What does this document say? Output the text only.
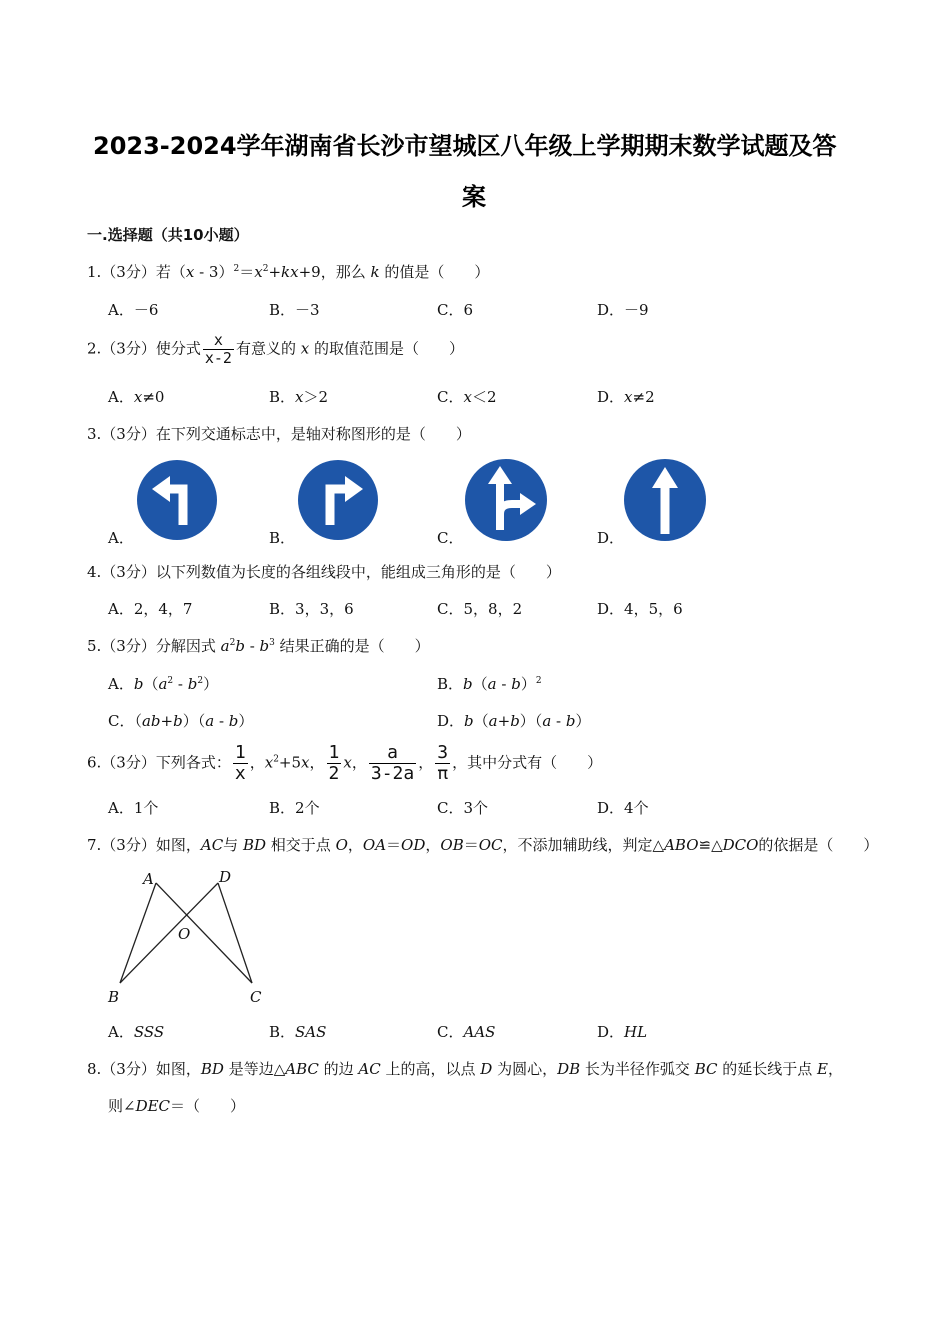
2023-2024学年湖南省长沙市望城区八年级上学期期末数学试题及答
案
一.选择题（共10小题）
1.（3分）若$(x - 3)^2=x^2+kx+9$，那么 k 的值是（　　）
A．－6	B．－3	C．6	D．－9
2.（3分）使分式 $\frac{x}{x-2}$ 有意义的 x 的取值范围是（　　）
A．x≠0	B．x＞2	C．x＜2	D．x≠2
3.（3分）在下列交通标志中，是轴对称图形的是（　　）
A．	B．	C．	D．
4.（3分）以下列数值为长度的各组线段中，能组成三角形的是（　　）
A．2，4，7	B．3，3，6	C．5，8，2	D．4，5，6
5.（3分）分解因式 $a^2b - b^3$ 结果正确的是（　　）
A．$b(a^2 - b^2)$	B．b（a - b）$^2$
C．（ab+b）（a - b）	D．b（a+b）（a - b）
6.（3分）下列各式： $\frac{1}{x}$ ，$x^2+5x$， $\frac{1}{2}$ x， $\frac{a}{3-2a}$ ， $\frac{3}{\pi}$ ，其中分式有（　　）
A．1个	B．2个	C．3个	D．4个
7.（3分）如图，AC与 BD 相交于点 O，OA＝OD，OB＝OC，不添加辅助线，判定△ABO≌△DCO的依据是（　　）
A	D
O
B	C
A．SSS	B．SAS	C．AAS	D．HL
8.（3分）如图，BD 是等边△ABC 的边 AC 上的高，以点 D 为圆心，DB 长为半径作弧交 BC 的延长线于点 E，
则∠DEC＝（　　）
